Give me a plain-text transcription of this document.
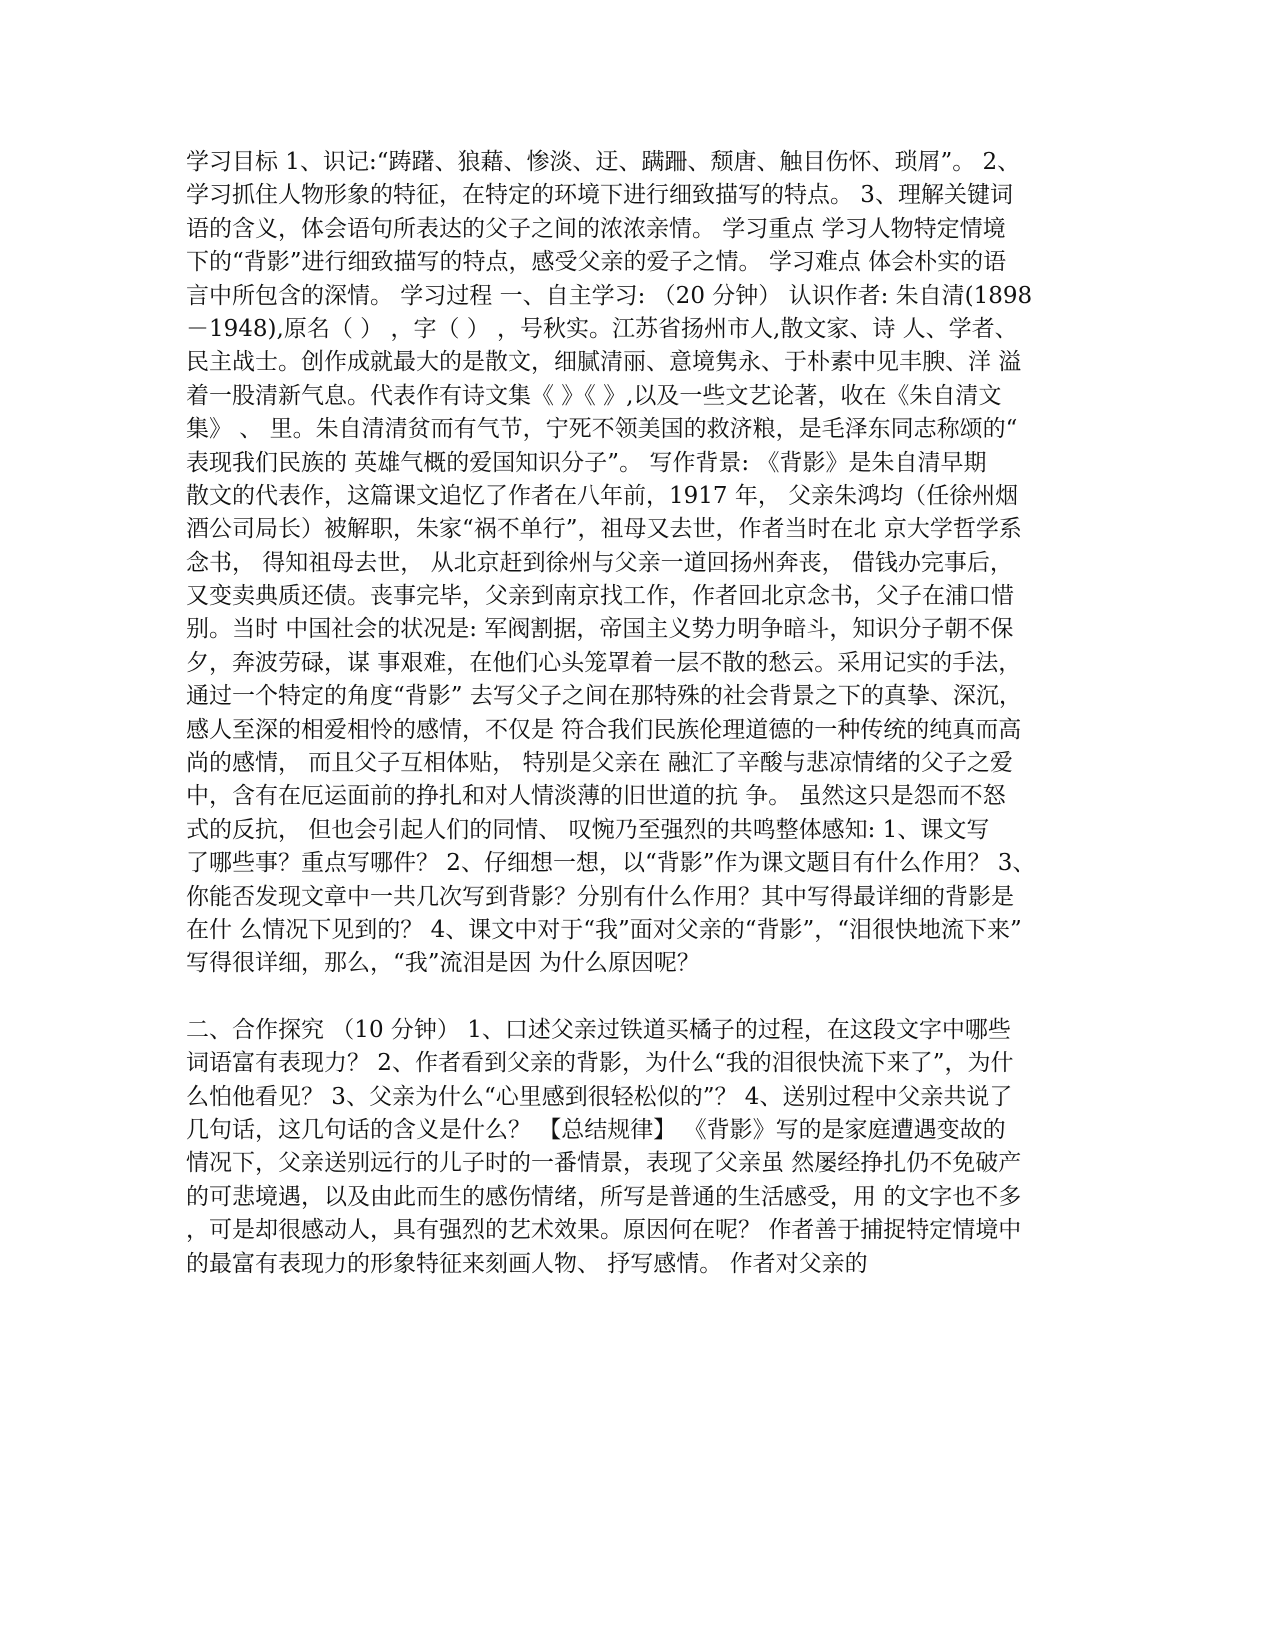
学习目标 1、识记:“踌躇、狼藉、惨淡、迂、蹒跚、颓唐、触目伤怀、琐屑”。 2、
学习抓住人物形象的特征，在特定的环境下进行细致描写的特点。 3、理解关键词
语的含义，体会语句所表达的父子之间的浓浓亲情。 学习重点 学习人物特定情境
下的“背影”进行细致描写的特点，感受父亲的爱子之情。 学习难点 体会朴实的语
言中所包含的深情。 学习过程 一、自主学习: （20 分钟） 认识作者: 朱自清(1898
－1948),原名（ ） ，字（ ） ，号秋实。江苏省扬州市人,散文家、诗 人、学者、
民主战士。创作成就最大的是散文，细腻清丽、意境隽永、于朴素中见丰腴、洋 溢
着一股清新气息。代表作有诗文集《 》《 》,以及一些文艺论著，收在《朱自清文
集》 、 里。朱自清清贫而有气节，宁死不领美国的救济粮，是毛泽东同志称颂的“
表现我们民族的 英雄气概的爱国知识分子”。 写作背景: 《背影》是朱自清早期
散文的代表作，这篇课文追忆了作者在八年前，1917 年， 父亲朱鸿均（任徐州烟
酒公司局长）被解职，朱家“祸不单行”，祖母又去世，作者当时在北 京大学哲学系
念书， 得知祖母去世， 从北京赶到徐州与父亲一道回扬州奔丧， 借钱办完事后，
又变卖典质还债。丧事完毕，父亲到南京找工作，作者回北京念书，父子在浦口惜
别。当时 中国社会的状况是: 军阀割据，帝国主义势力明争暗斗，知识分子朝不保
夕，奔波劳碌，谋 事艰难，在他们心头笼罩着一层不散的愁云。采用记实的手法，
通过一个特定的角度“背影” 去写父子之间在那特殊的社会背景之下的真挚、深沉，
感人至深的相爱相怜的感情，不仅是 符合我们民族伦理道德的一种传统的纯真而高
尚的感情， 而且父子互相体贴， 特别是父亲在 融汇了辛酸与悲凉情绪的父子之爱
中，含有在厄运面前的挣扎和对人情淡薄的旧世道的抗 争。 虽然这只是怨而不怒
式的反抗， 但也会引起人们的同情、 叹惋乃至强烈的共鸣整体感知: 1、课文写
了哪些事？重点写哪件？ 2、仔细想一想，以“背影”作为课文题目有什么作用？ 3、
你能否发现文章中一共几次写到背影？分别有什么作用？其中写得最详细的背影是
在什 么情况下见到的？ 4、课文中对于“我”面对父亲的“背影”，“泪很快地流下来”
写得很详细，那么，“我”流泪是因 为什么原因呢？
二、合作探究 （10 分钟） 1、口述父亲过铁道买橘子的过程，在这段文字中哪些
词语富有表现力？ 2、作者看到父亲的背影，为什么“我的泪很快流下来了”，为什
么怕他看见？ 3、父亲为什么“心里感到很轻松似的”？ 4、送别过程中父亲共说了
几句话，这几句话的含义是什么？ 【总结规律】 《背影》写的是家庭遭遇变故的
情况下，父亲送别远行的儿子时的一番情景，表现了父亲虽 然屡经挣扎仍不免破产
的可悲境遇，以及由此而生的感伤情绪，所写是普通的生活感受，用 的文字也不多
，可是却很感动人，具有强烈的艺术效果。原因何在呢？ 作者善于捕捉特定情境中
的最富有表现力的形象特征来刻画人物、 抒写感情。 作者对父亲的
